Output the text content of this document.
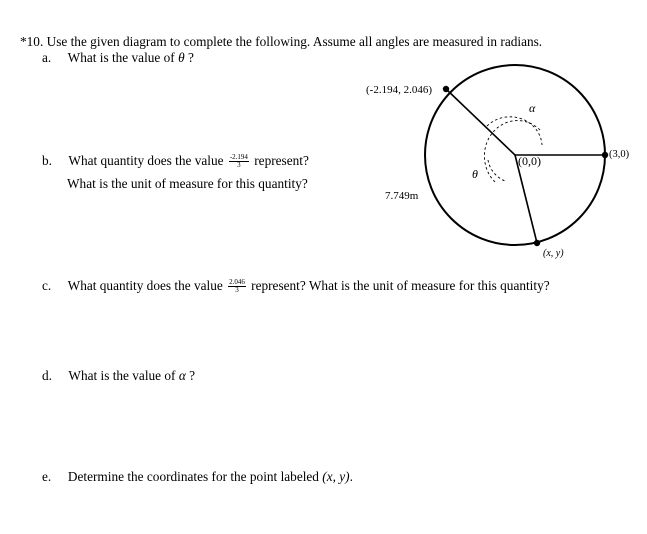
*10. Use the given diagram to complete the following. Assume all angles are measured in radians.
a. What is the value of θ ?
b. What quantity does the value $\frac{-2.194}{3}$ represent?
What is the unit of measure for this quantity?
c. What quantity does the value $\frac{2.046}{3}$ represent? What is the unit of measure for this quantity?
d. What is the value of α ?
e. Determine the coordinates for the point labeled (x, y).
(-2.194, 2.046)
(3,0)
(0,0)
(x, y)
α
θ
7.749m
